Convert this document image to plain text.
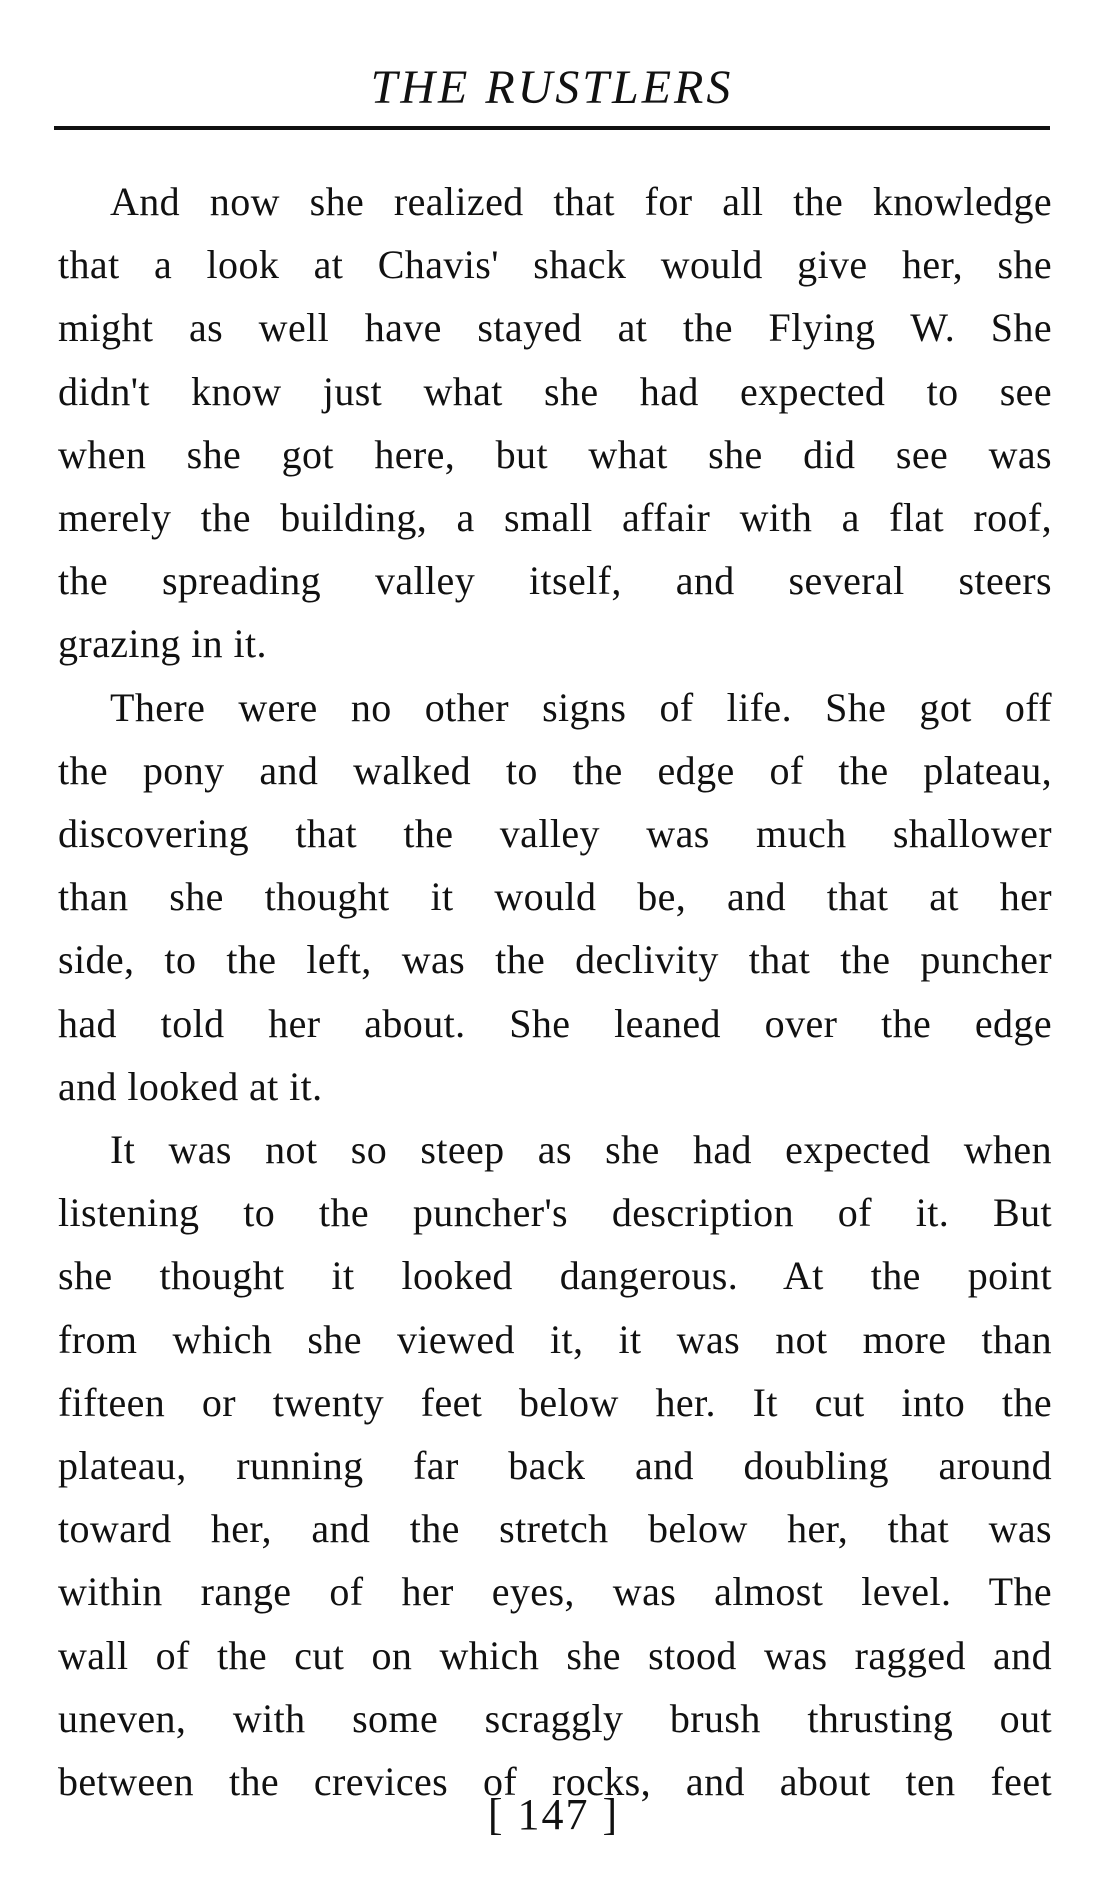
THE RUSTLERS
And now she realized that for all the knowledge
that a look at Chavis' shack would give her, she
might as well have stayed at the Flying W. She
didn't know just what she had expected to see
when she got here, but what she did see was
merely the building, a small affair with a flat roof,
the spreading valley itself, and several steers
grazing in it.
There were no other signs of life. She got off
the pony and walked to the edge of the plateau,
discovering that the valley was much shallower
than she thought it would be, and that at her
side, to the left, was the declivity that the puncher
had told her about. She leaned over the edge
and looked at it.
It was not so steep as she had expected when
listening to the puncher's description of it. But
she thought it looked dangerous. At the point
from which she viewed it, it was not more than
fifteen or twenty feet below her. It cut into the
plateau, running far back and doubling around
toward her, and the stretch below her, that was
within range of her eyes, was almost level. The
wall of the cut on which she stood was ragged and
uneven, with some scraggly brush thrusting out
between the crevices of rocks, and about ten feet
[ 147 ]
